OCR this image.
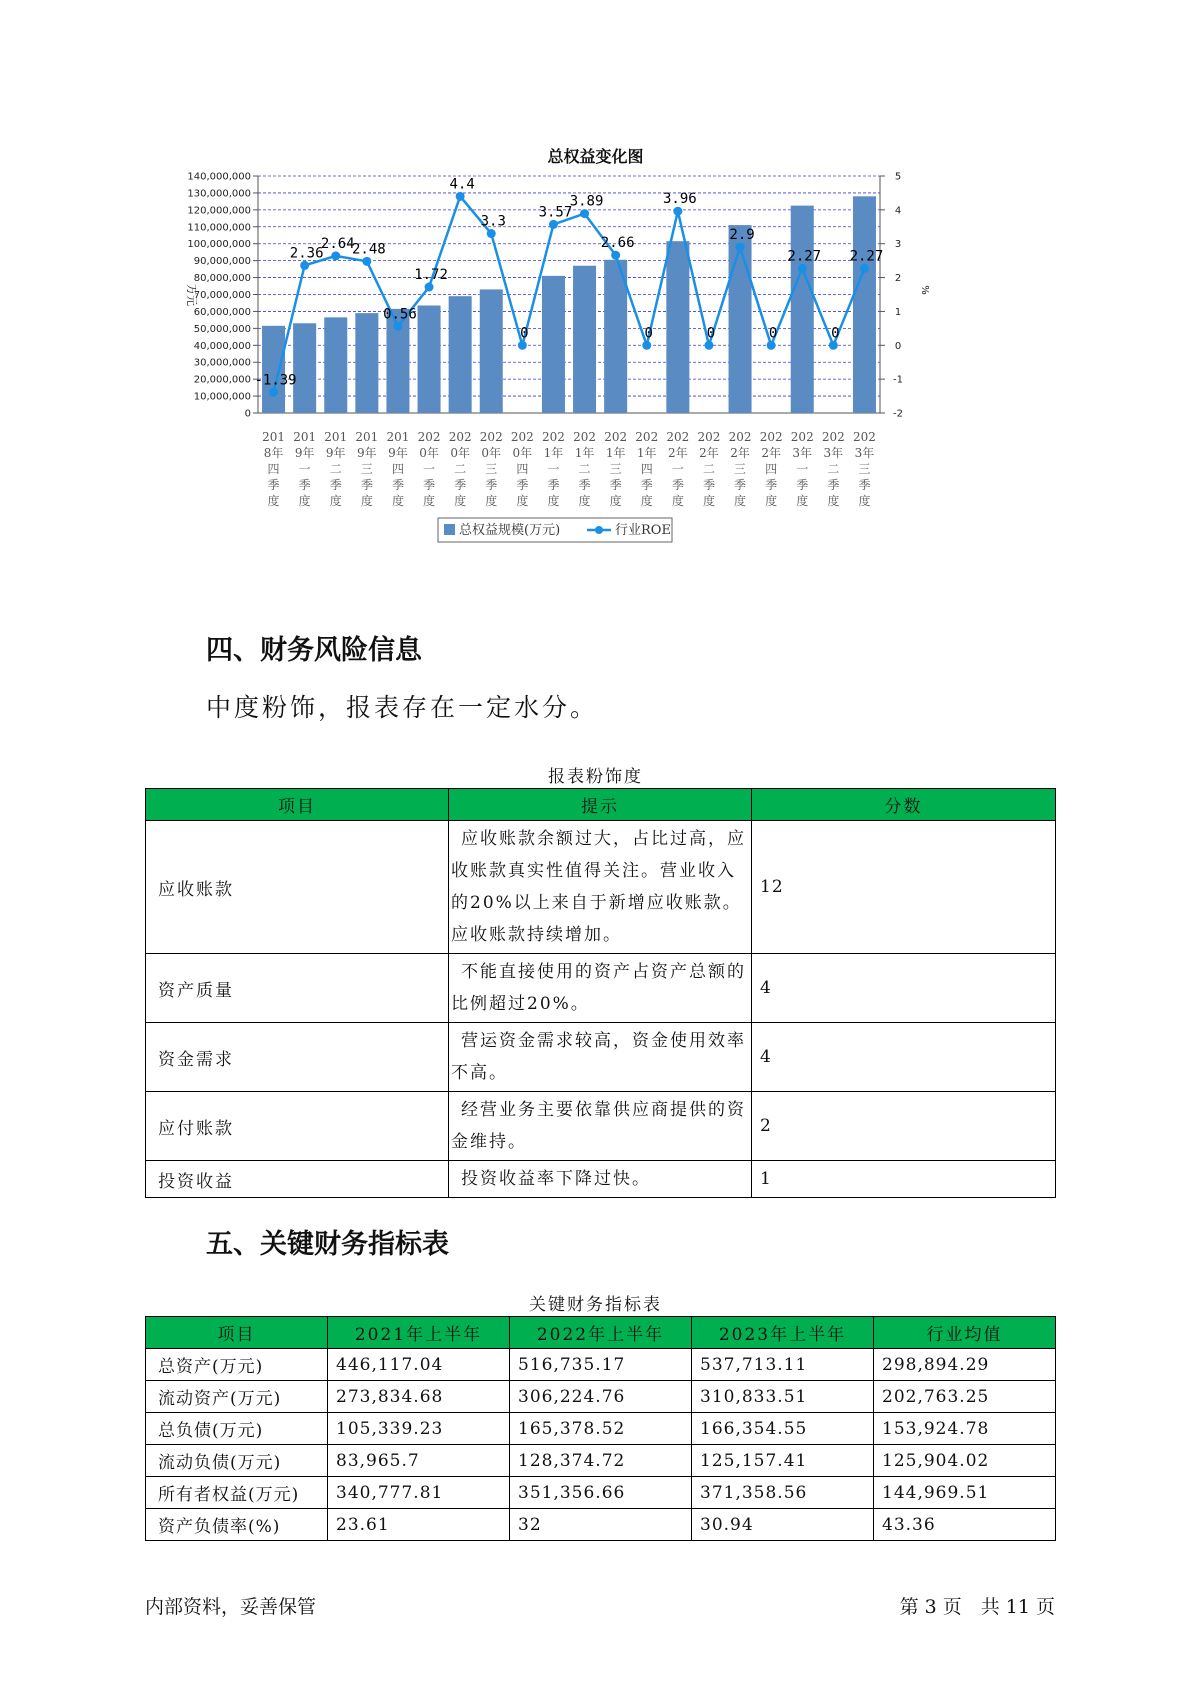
总权益变化图
0
10,000,000
20,000,000
30,000,000
40,000,000
50,000,000
60,000,000
70,000,000
80,000,000
90,000,000
100,000,000
110,000,000
120,000,000
130,000,000
140,000,000
-2
-1
0
1
2
3
4
5
万元	%
-1.39
2.36
2.64
2.48
0.56
1.72
4.4
3.3
0
3.57
3.89
2.66
0
3.96
0
2.9
0
2.27
0
2.27
201
8年
四
季
度
201
9年
一
季
度
201
9年
二
季
度
201
9年
三
季
度
201
9年
四
季
度
202
0年
一
季
度
202
0年
二
季
度
202
0年
三
季
度
202
0年
四
季
度
202
1年
一
季
度
202
1年
二
季
度
202
1年
三
季
度
202
1年
四
季
度
202
2年
一
季
度
202
2年
二
季
度
202
2年
三
季
度
202
2年
四
季
度
202
3年
一
季
度
202
3年
二
季
度
202
3年
三
季
度
总权益规模(万元)	行业ROE
四、财务风险信息
中度粉饰，报表存在一定水分。
报表粉饰度
项目	提示	分数
应收账款	应收账款余额过大，占比过高，应收账款真实性值得关注。营业收入的20%以上来自于新增应收账款。应收账款持续增加。	12
资产质量	不能直接使用的资产占资产总额的比例超过20%。	4
资金需求	营运资金需求较高，资金使用效率不高。	4
应付账款	经营业务主要依靠供应商提供的资金维持。	2
投资收益	投资收益率下降过快。	1
五、关键财务指标表
关键财务指标表
项目	2021年上半年	2022年上半年	2023年上半年	行业均值
总资产(万元)	446,117.04	516,735.17	537,713.11	298,894.29
流动资产(万元)	273,834.68	306,224.76	310,833.51	202,763.25
总负债(万元)	105,339.23	165,378.52	166,354.55	153,924.78
流动负债(万元)	83,965.7	128,374.72	125,157.41	125,904.02
所有者权益(万元)	340,777.81	351,356.66	371,358.56	144,969.51
资产负债率(%)	23.61	32	30.94	43.36
内部资料，妥善保管	第 3 页　共 11 页
